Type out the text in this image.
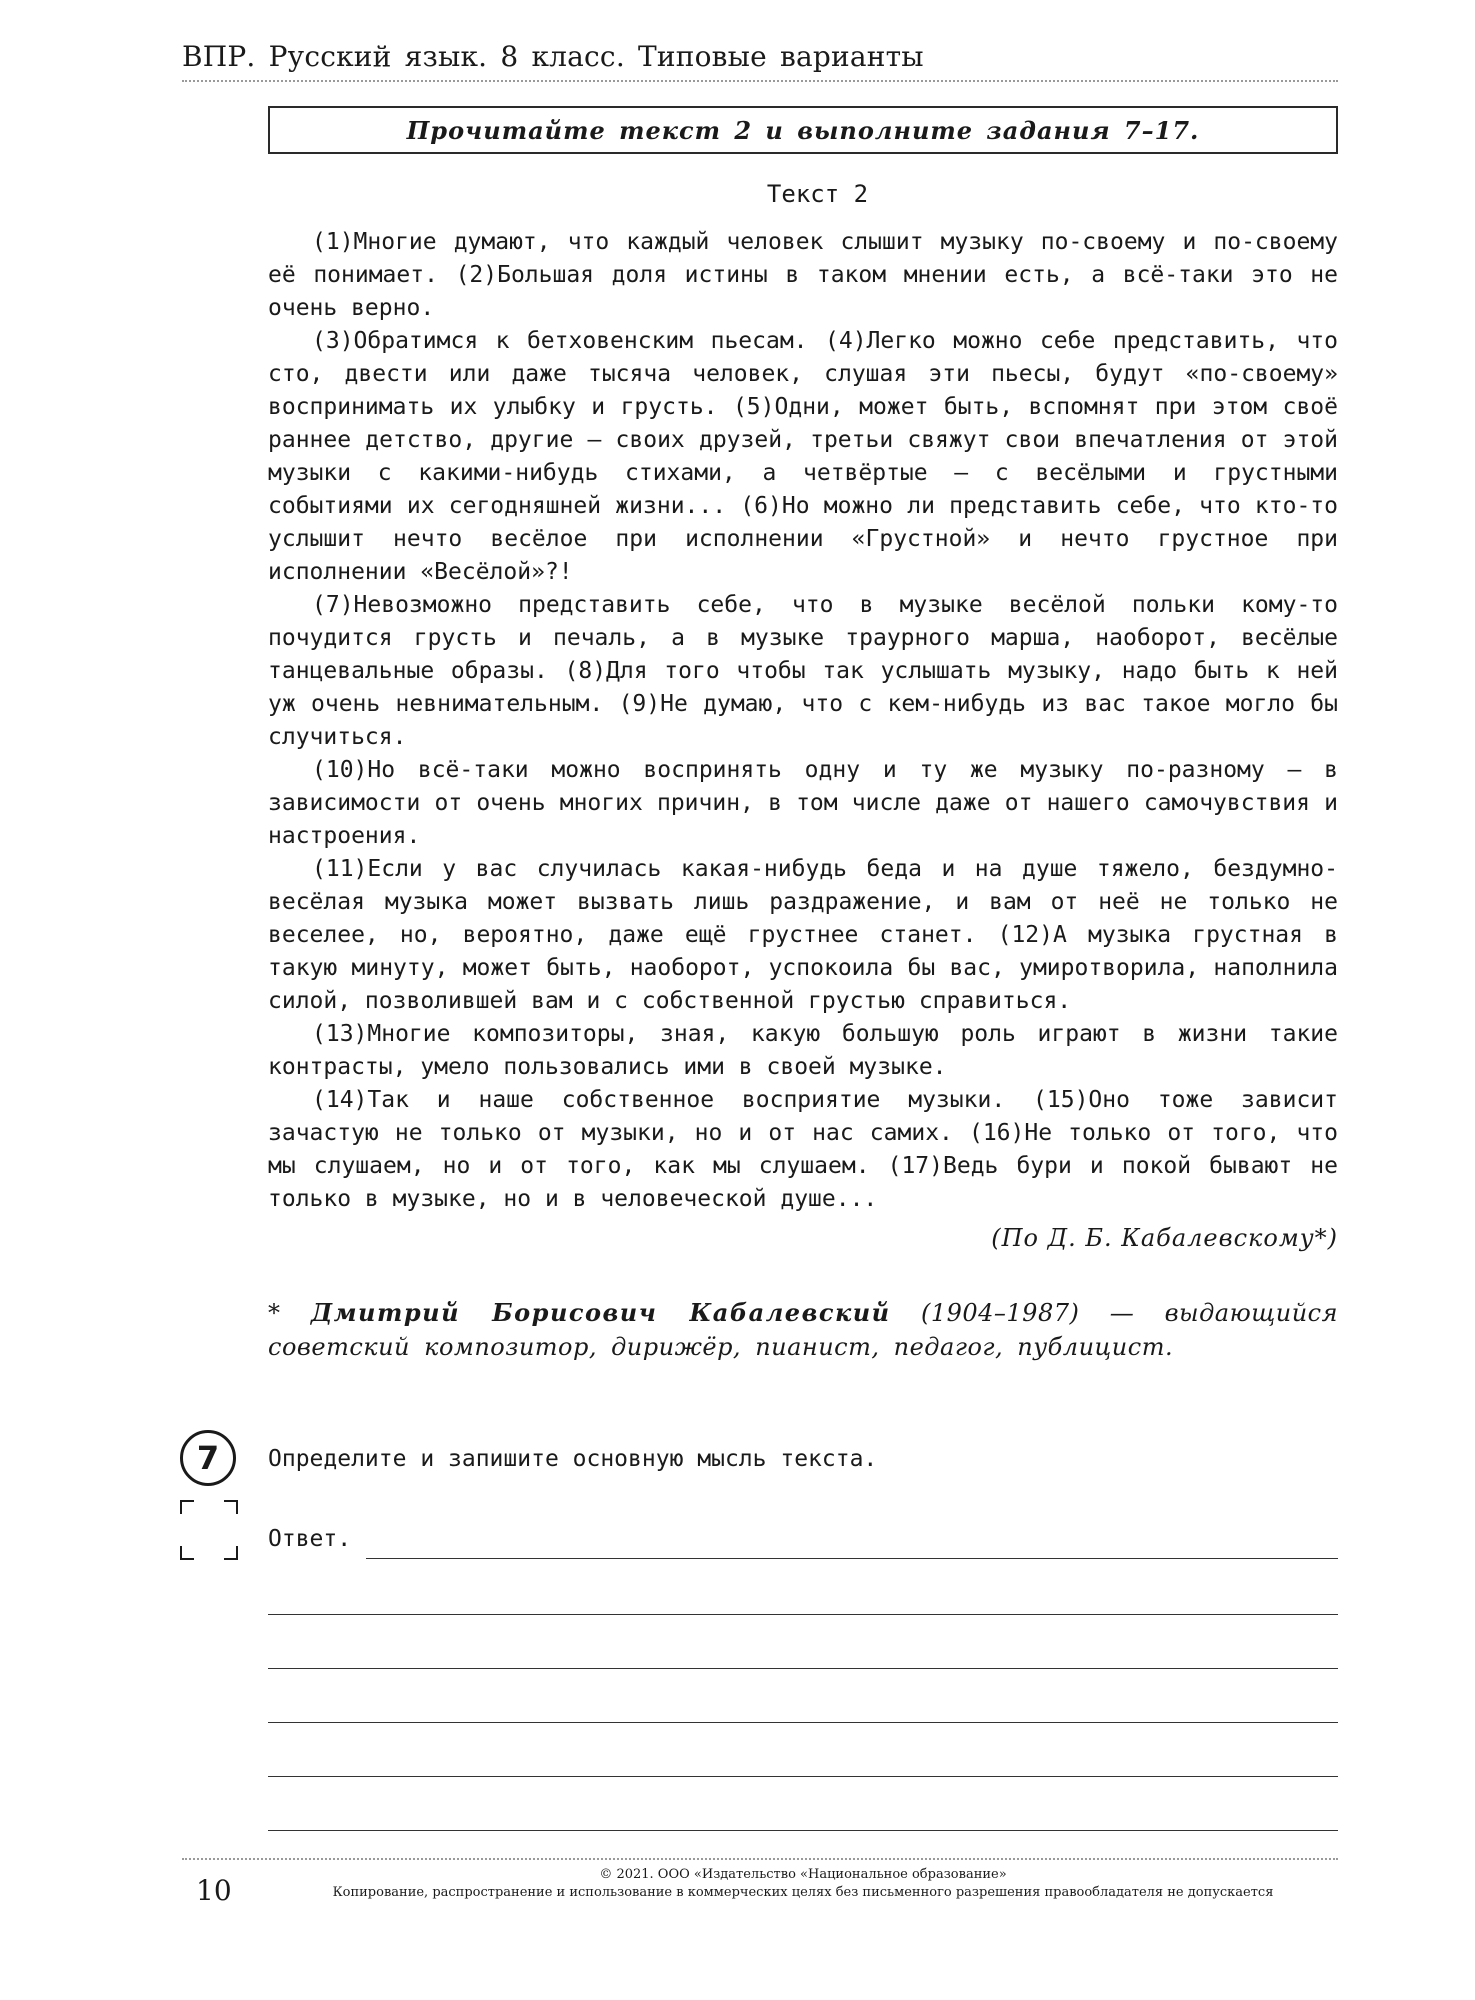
ВПР. Русский язык. 8 класс. Типовые варианты
Прочитайте текст 2 и выполните задания 7–17.
Текст 2

(1)Многие думают, что каждый человек слышит музыку по-своему и по-своему её понимает. (2)Большая доля истины в таком мнении есть, а всё-таки это не очень верно.

(3)Обратимся к бетховенским пьесам. (4)Легко можно себе представить, что сто, двести или даже тысяча человек, слушая эти пьесы, будут «по-своему» воспринимать их улыбку и грусть. (5)Одни, может быть, вспомнят при этом своё раннее детство, другие — своих друзей, третьи свяжут свои впечатления от этой музыки с какими-нибудь стихами, а четвёртые — с весёлыми и грустными событиями их сегодняшней жизни... (6)Но можно ли представить себе, что кто-то услышит нечто весёлое при исполнении «Грустной» и нечто грустное при исполнении «Весёлой»?!

(7)Невозможно представить себе, что в музыке весёлой польки кому-то почудится грусть и печаль, а в музыке траурного марша, наоборот, весёлые танцевальные образы. (8)Для того чтобы так услышать музыку, надо быть к ней уж очень невнимательным. (9)Не думаю, что с кем-нибудь из вас такое могло бы случиться.

(10)Но всё-таки можно воспринять одну и ту же музыку по-разному — в зависимости от очень многих причин, в том числе даже от нашего самочувствия и настроения.

(11)Если у вас случилась какая-нибудь беда и на душе тяжело, бездумно-весёлая музыка может вызвать лишь раздражение, и вам от неё не только не веселее, но, вероятно, даже ещё грустнее станет. (12)А музыка грустная в такую минуту, может быть, наоборот, успокоила бы вас, умиротворила, наполнила силой, позволившей вам и с собственной грустью справиться.

(13)Многие композиторы, зная, какую большую роль играют в жизни такие контрасты, умело пользовались ими в своей музыке.

(14)Так и наше собственное восприятие музыки. (15)Оно тоже зависит зачастую не только от музыки, но и от нас самих. (16)Не только от того, что мы слушаем, но и от того, как мы слушаем. (17)Ведь бури и покой бывают не только в музыке, но и в человеческой душе...

(По Д. Б. Кабалевскому*)
* Дмитрий Борисович Кабалевский (1904–1987) — выдающийся советский композитор, дирижёр, пианист, педагог, публицист.
7	Определите и запишите основную мысль текста.
Ответ.
10	© 2021. ООО «Издательство «Национальное образование»
Копирование, распространение и использование в коммерческих целях без письменного разрешения правообладателя не допускается
